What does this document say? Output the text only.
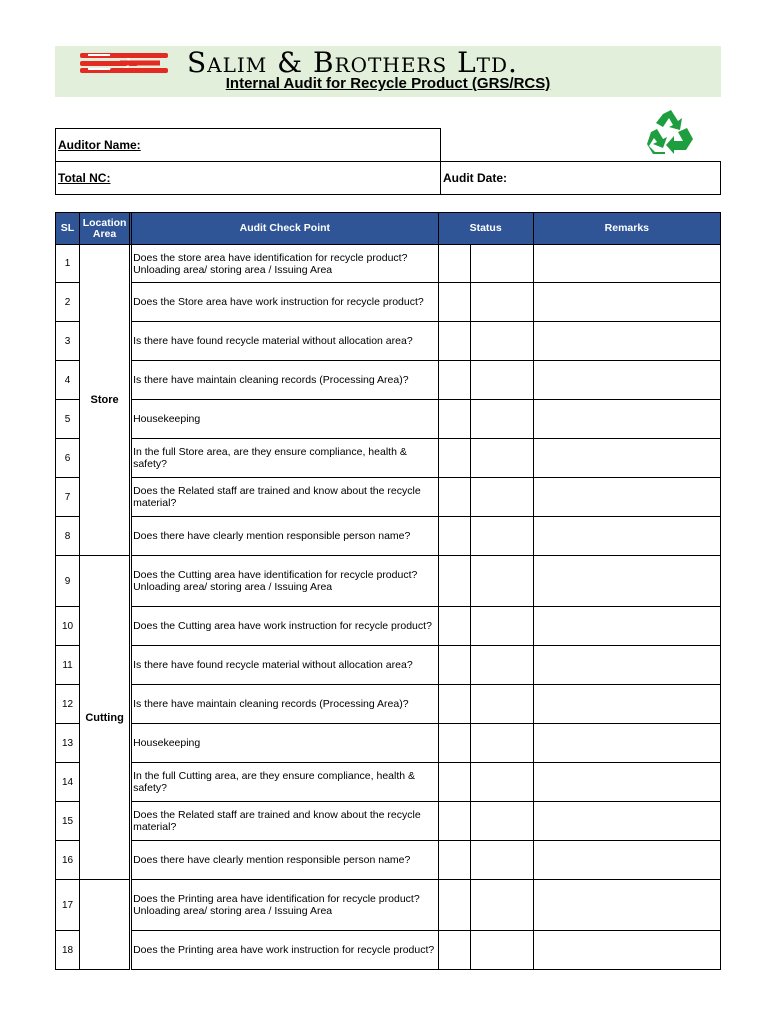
Salim & Brothers Ltd.
Internal Audit for Recycle Product (GRS/RCS)
Auditor Name:	
Total NC:	Audit Date:
SL	Location Area		Audit Check Point	Status		Remarks
1	Store		Does the store area have identification for recycle product? Unloading area/ storing area / Issuing Area			
2			Does the Store area have work instruction for recycle product?			
3			Is there have found recycle material without allocation area?			
4			Is there have maintain cleaning records (Processing Area)?			
5			Housekeeping			
6			In the full Store area, are they ensure compliance, health & safety?			
7			Does the Related staff are trained and know about the recycle material?			
8			Does there have clearly mention responsible person name?			
9	Cutting		Does the Cutting area have identification for recycle product? Unloading area/ storing area / Issuing Area			
10			Does the Cutting area have work instruction for recycle product?			
11			Is there have found recycle material without allocation area?			
12			Is there have maintain cleaning records (Processing Area)?			
13			Housekeeping			
14			In the full Cutting area, are they ensure compliance, health & safety?			
15			Does the Related staff are trained and know about the recycle material?			
16			Does there have clearly mention responsible person name?			
17			Does the Printing area have identification for recycle product? Unloading area/ storing area / Issuing Area			
18			Does the Printing area have work instruction for recycle product?			
